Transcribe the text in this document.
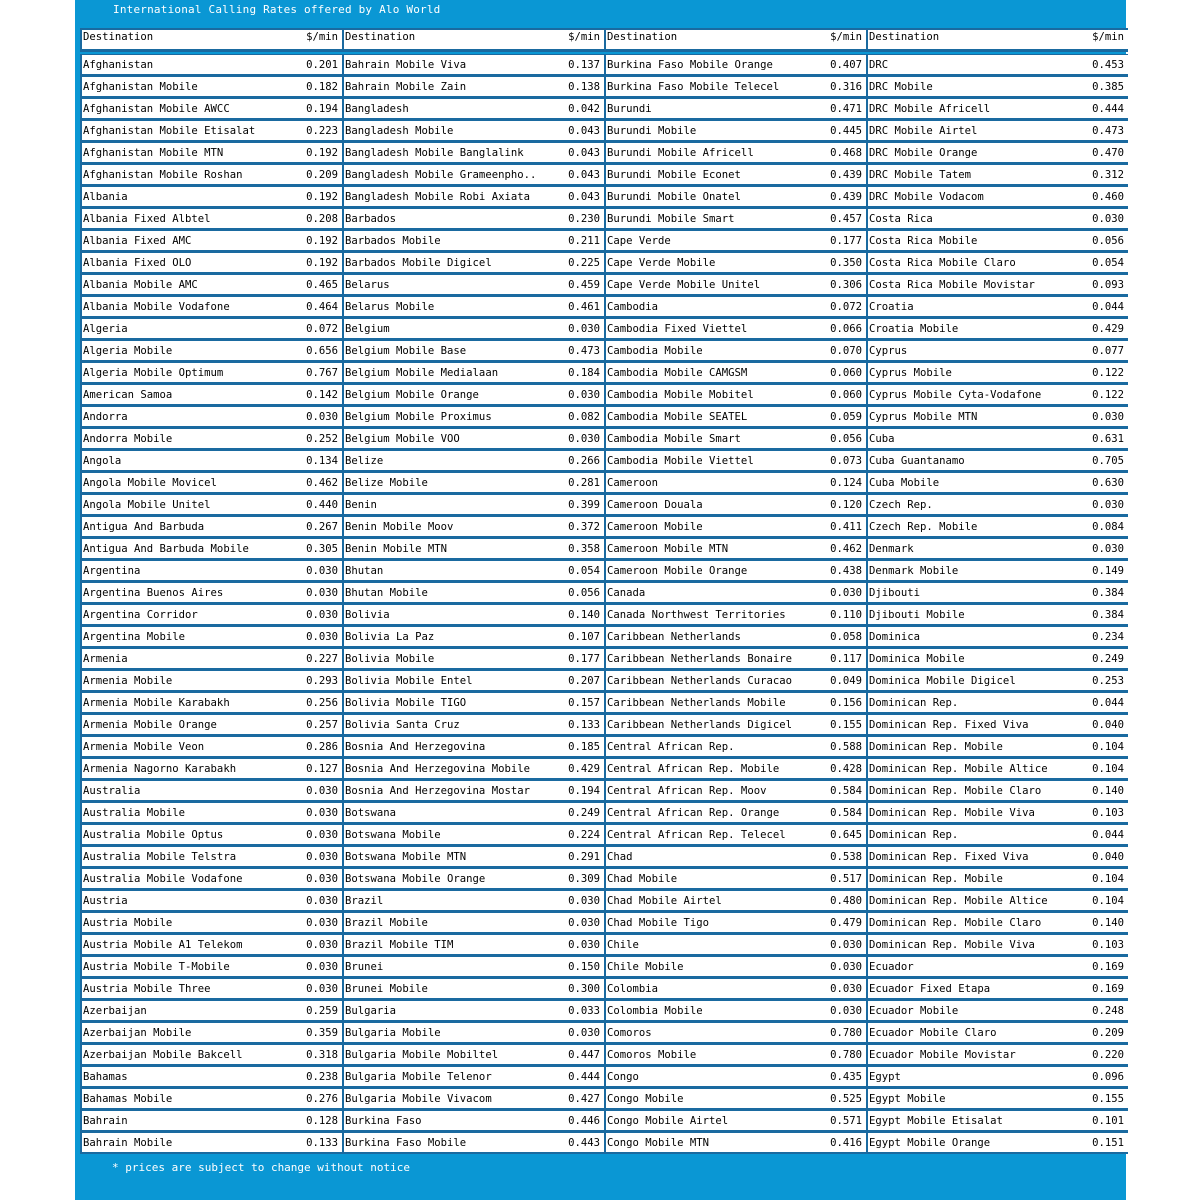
International Calling Rates offered by Alo World
Destination	$/min
Afghanistan	0.201
Afghanistan Mobile	0.182
Afghanistan Mobile AWCC	0.194
Afghanistan Mobile Etisalat	0.223
Afghanistan Mobile MTN	0.192
Afghanistan Mobile Roshan	0.209
Albania	0.192
Albania Fixed Albtel	0.208
Albania Fixed AMC	0.192
Albania Fixed OLO	0.192
Albania Mobile AMC	0.465
Albania Mobile Vodafone	0.464
Algeria	0.072
Algeria Mobile	0.656
Algeria Mobile Optimum	0.767
American Samoa	0.142
Andorra	0.030
Andorra Mobile	0.252
Angola	0.134
Angola Mobile Movicel	0.462
Angola Mobile Unitel	0.440
Antigua And Barbuda	0.267
Antigua And Barbuda Mobile	0.305
Argentina	0.030
Argentina Buenos Aires	0.030
Argentina Corridor	0.030
Argentina Mobile	0.030
Armenia	0.227
Armenia Mobile	0.293
Armenia Mobile Karabakh	0.256
Armenia Mobile Orange	0.257
Armenia Mobile Veon	0.286
Armenia Nagorno Karabakh	0.127
Australia	0.030
Australia Mobile	0.030
Australia Mobile Optus	0.030
Australia Mobile Telstra	0.030
Australia Mobile Vodafone	0.030
Austria	0.030
Austria Mobile	0.030
Austria Mobile A1 Telekom	0.030
Austria Mobile T-Mobile	0.030
Austria Mobile Three	0.030
Azerbaijan	0.259
Azerbaijan Mobile	0.359
Azerbaijan Mobile Bakcell	0.318
Bahamas	0.238
Bahamas Mobile	0.276
Bahrain	0.128
Bahrain Mobile	0.133
Destination	$/min
Bahrain Mobile Viva	0.137
Bahrain Mobile Zain	0.138
Bangladesh	0.042
Bangladesh Mobile	0.043
Bangladesh Mobile Banglalink	0.043
Bangladesh Mobile Grameenpho..	0.043
Bangladesh Mobile Robi Axiata	0.043
Barbados	0.230
Barbados Mobile	0.211
Barbados Mobile Digicel	0.225
Belarus	0.459
Belarus Mobile	0.461
Belgium	0.030
Belgium Mobile Base	0.473
Belgium Mobile Medialaan	0.184
Belgium Mobile Orange	0.030
Belgium Mobile Proximus	0.082
Belgium Mobile VOO	0.030
Belize	0.266
Belize Mobile	0.281
Benin	0.399
Benin Mobile Moov	0.372
Benin Mobile MTN	0.358
Bhutan	0.054
Bhutan Mobile	0.056
Bolivia	0.140
Bolivia La Paz	0.107
Bolivia Mobile	0.177
Bolivia Mobile Entel	0.207
Bolivia Mobile TIGO	0.157
Bolivia Santa Cruz	0.133
Bosnia And Herzegovina	0.185
Bosnia And Herzegovina Mobile	0.429
Bosnia And Herzegovina Mostar	0.194
Botswana	0.249
Botswana Mobile	0.224
Botswana Mobile MTN	0.291
Botswana Mobile Orange	0.309
Brazil	0.030
Brazil Mobile	0.030
Brazil Mobile TIM	0.030
Brunei	0.150
Brunei Mobile	0.300
Bulgaria	0.033
Bulgaria Mobile	0.030
Bulgaria Mobile Mobiltel	0.447
Bulgaria Mobile Telenor	0.444
Bulgaria Mobile Vivacom	0.427
Burkina Faso	0.446
Burkina Faso Mobile	0.443
Destination	$/min
Burkina Faso Mobile Orange	0.407
Burkina Faso Mobile Telecel	0.316
Burundi	0.471
Burundi Mobile	0.445
Burundi Mobile Africell	0.468
Burundi Mobile Econet	0.439
Burundi Mobile Onatel	0.439
Burundi Mobile Smart	0.457
Cape Verde	0.177
Cape Verde Mobile	0.350
Cape Verde Mobile Unitel	0.306
Cambodia	0.072
Cambodia Fixed Viettel	0.066
Cambodia Mobile	0.070
Cambodia Mobile CAMGSM	0.060
Cambodia Mobile Mobitel	0.060
Cambodia Mobile SEATEL	0.059
Cambodia Mobile Smart	0.056
Cambodia Mobile Viettel	0.073
Cameroon	0.124
Cameroon Douala	0.120
Cameroon Mobile	0.411
Cameroon Mobile MTN	0.462
Cameroon Mobile Orange	0.438
Canada	0.030
Canada Northwest Territories	0.110
Caribbean Netherlands	0.058
Caribbean Netherlands Bonaire	0.117
Caribbean Netherlands Curacao	0.049
Caribbean Netherlands Mobile	0.156
Caribbean Netherlands Digicel	0.155
Central African Rep.	0.588
Central African Rep. Mobile	0.428
Central African Rep. Moov	0.584
Central African Rep. Orange	0.584
Central African Rep. Telecel	0.645
Chad	0.538
Chad Mobile	0.517
Chad Mobile Airtel	0.480
Chad Mobile Tigo	0.479
Chile	0.030
Chile Mobile	0.030
Colombia	0.030
Colombia Mobile	0.030
Comoros	0.780
Comoros Mobile	0.780
Congo	0.435
Congo Mobile	0.525
Congo Mobile Airtel	0.571
Congo Mobile MTN	0.416
Destination	$/min
DRC	0.453
DRC Mobile	0.385
DRC Mobile Africell	0.444
DRC Mobile Airtel	0.473
DRC Mobile Orange	0.470
DRC Mobile Tatem	0.312
DRC Mobile Vodacom	0.460
Costa Rica	0.030
Costa Rica Mobile	0.056
Costa Rica Mobile Claro	0.054
Costa Rica Mobile Movistar	0.093
Croatia	0.044
Croatia Mobile	0.429
Cyprus	0.077
Cyprus Mobile	0.122
Cyprus Mobile Cyta-Vodafone	0.122
Cyprus Mobile MTN	0.030
Cuba	0.631
Cuba Guantanamo	0.705
Cuba Mobile	0.630
Czech Rep.	0.030
Czech Rep. Mobile	0.084
Denmark	0.030
Denmark Mobile	0.149
Djibouti	0.384
Djibouti Mobile	0.384
Dominica	0.234
Dominica Mobile	0.249
Dominica Mobile Digicel	0.253
Dominican Rep.	0.044
Dominican Rep. Fixed Viva	0.040
Dominican Rep. Mobile	0.104
Dominican Rep. Mobile Altice	0.104
Dominican Rep. Mobile Claro	0.140
Dominican Rep. Mobile Viva	0.103
Dominican Rep.	0.044
Dominican Rep. Fixed Viva	0.040
Dominican Rep. Mobile	0.104
Dominican Rep. Mobile Altice	0.104
Dominican Rep. Mobile Claro	0.140
Dominican Rep. Mobile Viva	0.103
Ecuador	0.169
Ecuador Fixed Etapa	0.169
Ecuador Mobile	0.248
Ecuador Mobile Claro	0.209
Ecuador Mobile Movistar	0.220
Egypt	0.096
Egypt Mobile	0.155
Egypt Mobile Etisalat	0.101
Egypt Mobile Orange	0.151
* prices are subject to change without notice
